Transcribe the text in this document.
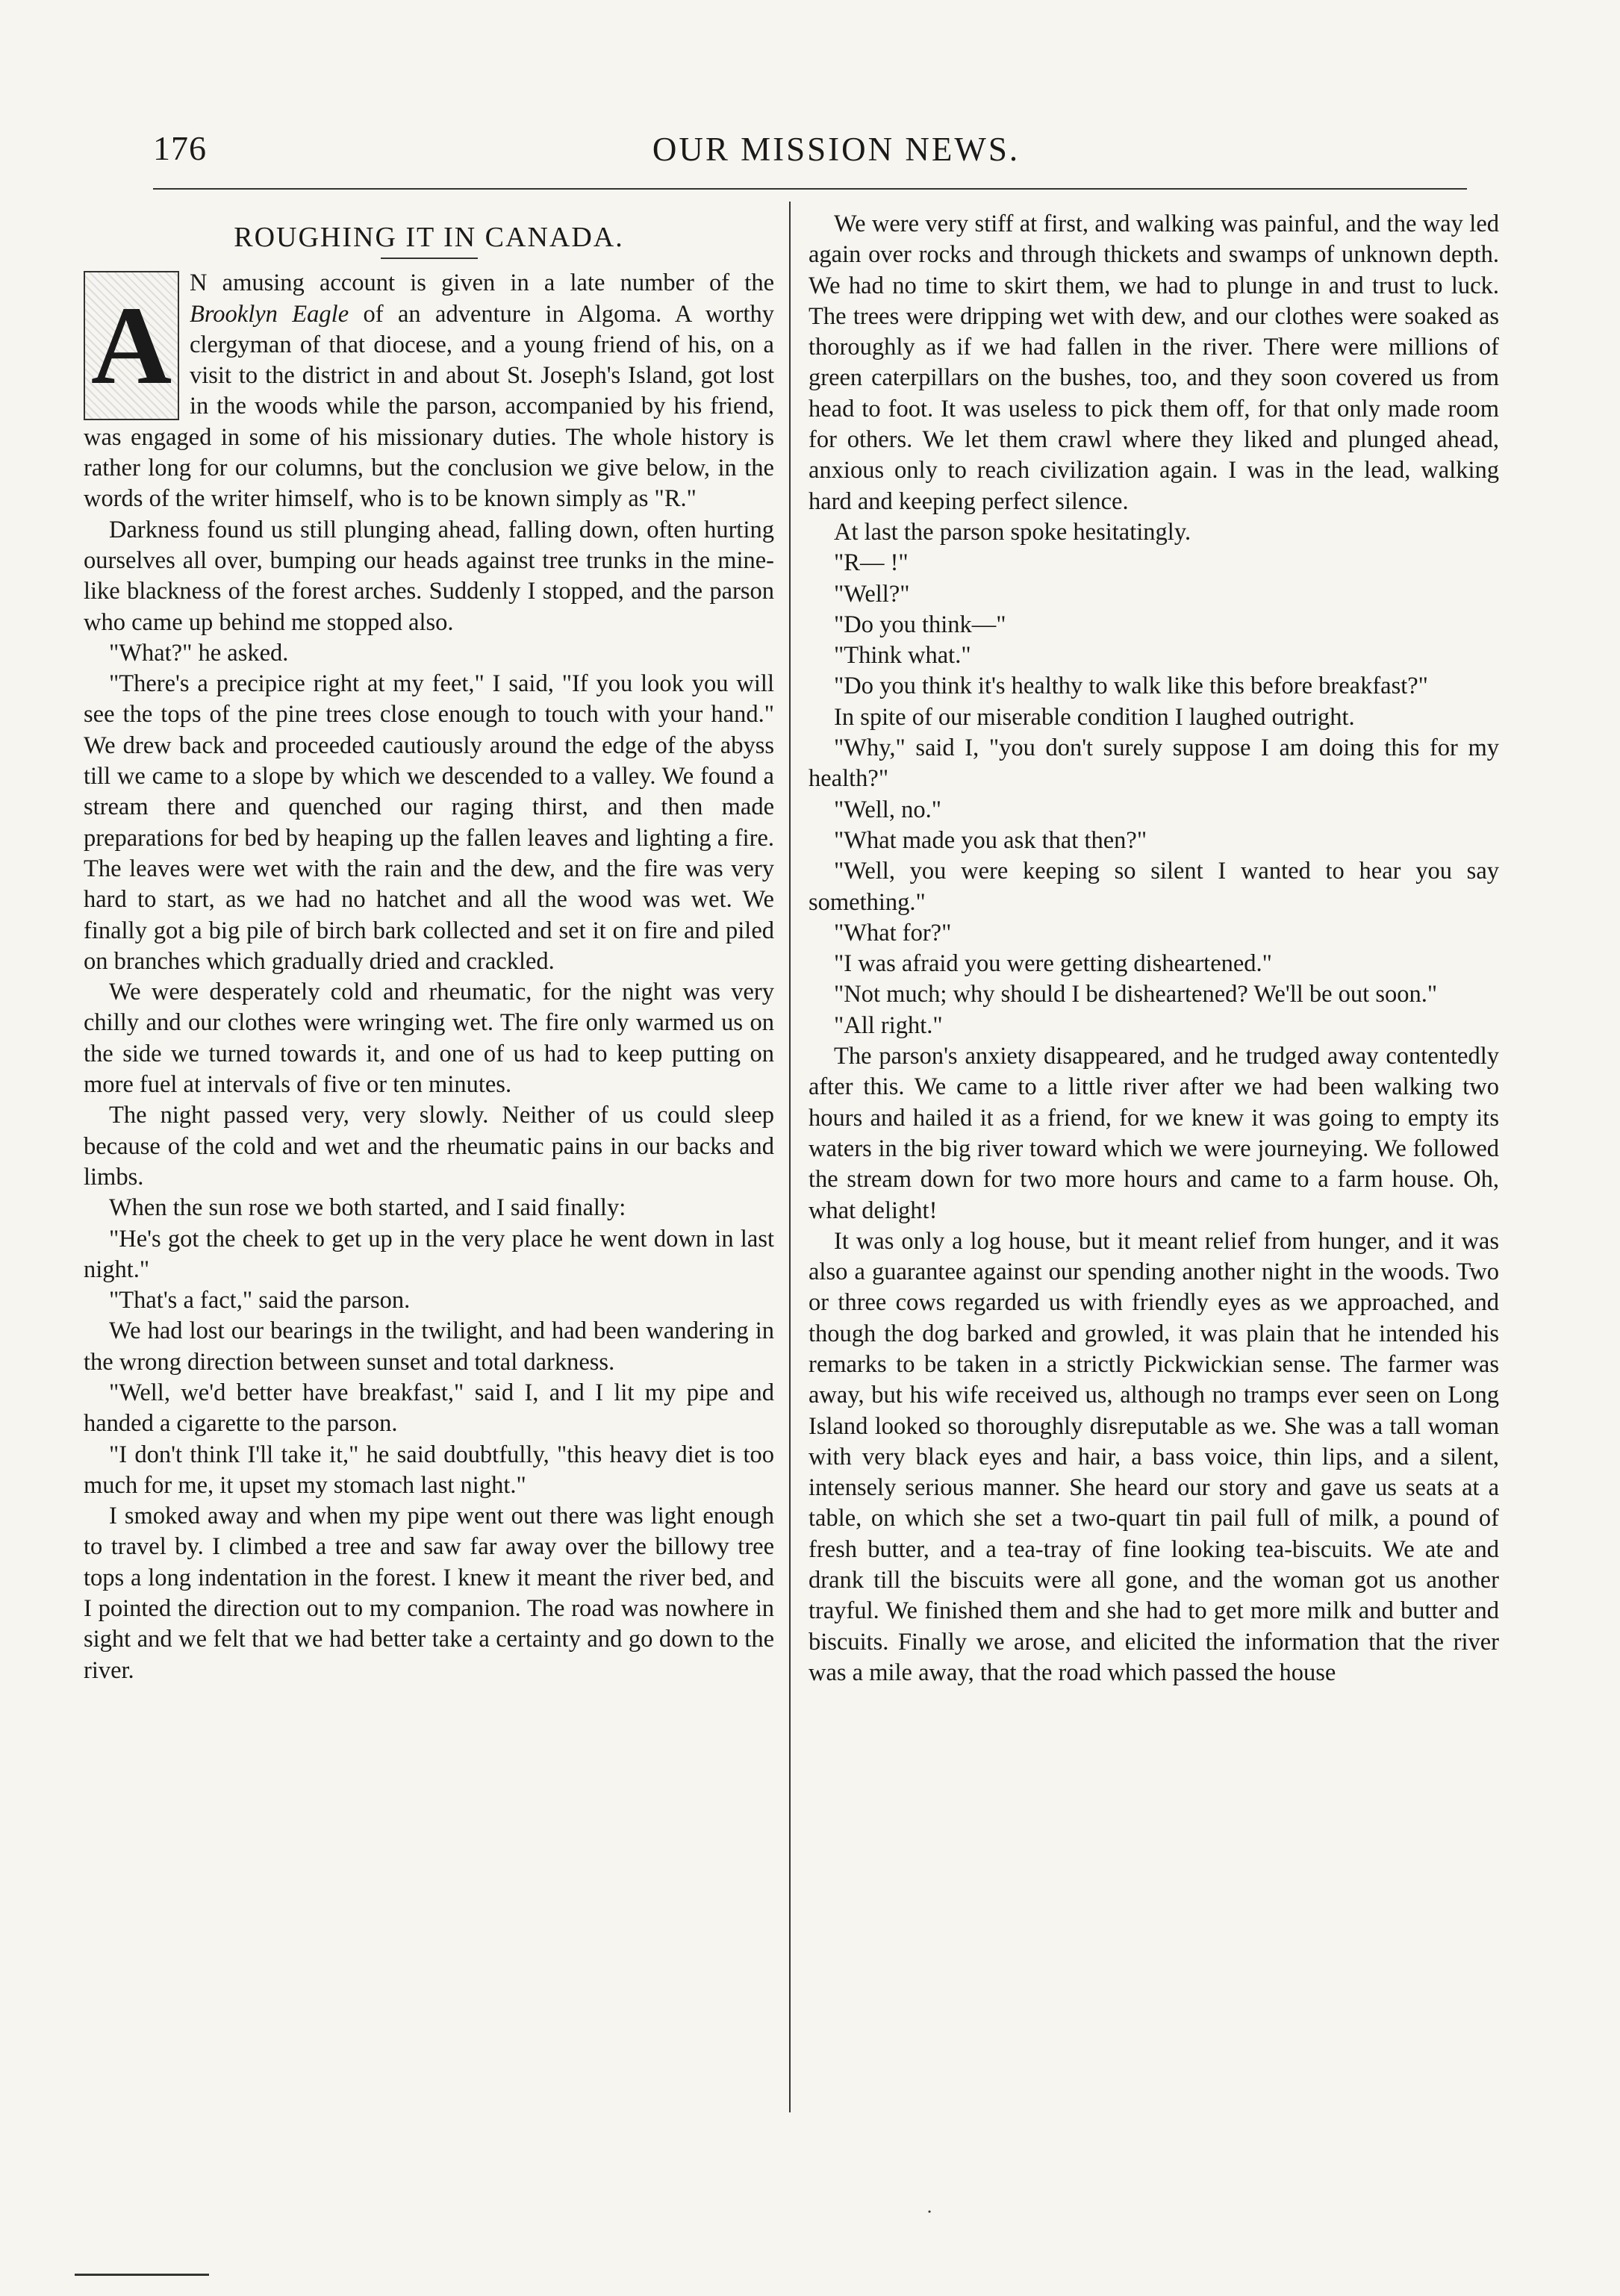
176	OUR MISSION NEWS.
ROUGHING IT IN CANADA.

A
N amusing account is given in a late number of the Brooklyn Eagle of an adventure in Algoma. A worthy clergyman of that diocese, and a young friend of his, on a visit to the district in and about St. Joseph's Island, got lost in the woods while the parson, accompanied by his friend, was engaged in some of his missionary duties. The whole history is rather long for our columns, but the conclusion we give below, in the words of the writer himself, who is to be known simply as "R."

Darkness found us still plunging ahead, falling down, often hurting ourselves all over, bumping our heads against tree trunks in the mine-like blackness of the forest arches. Suddenly I stopped, and the parson who came up behind me stopped also.

"What?" he asked.

"There's a precipice right at my feet," I said, "If you look you will see the tops of the pine trees close enough to touch with your hand." We drew back and proceeded cautiously around the edge of the abyss till we came to a slope by which we descended to a valley. We found a stream there and quenched our raging thirst, and then made preparations for bed by heaping up the fallen leaves and lighting a fire. The leaves were wet with the rain and the dew, and the fire was very hard to start, as we had no hatchet and all the wood was wet. We finally got a big pile of birch bark collected and set it on fire and piled on branches which gradually dried and crackled.

We were desperately cold and rheumatic, for the night was very chilly and our clothes were wringing wet. The fire only warmed us on the side we turned towards it, and one of us had to keep putting on more fuel at intervals of five or ten minutes.

The night passed very, very slowly. Neither of us could sleep because of the cold and wet and the rheumatic pains in our backs and limbs.

When the sun rose we both started, and I said finally:

"He's got the cheek to get up in the very place he went down in last night."

"That's a fact," said the parson.

We had lost our bearings in the twilight, and had been wandering in the wrong direction between sunset and total darkness.

"Well, we'd better have breakfast," said I, and I lit my pipe and handed a cigarette to the parson.

"I don't think I'll take it," he said doubtfully, "this heavy diet is too much for me, it upset my stomach last night."

I smoked away and when my pipe went out there was light enough to travel by. I climbed a tree and saw far away over the billowy tree tops a long indentation in the forest. I knew it meant the river bed, and I pointed the direction out to my companion. The road was nowhere in sight and we felt that we had better take a certainty and go down to the river.

We were very stiff at first, and walking was painful, and the way led again over rocks and through thickets and swamps of unknown depth. We had no time to skirt them, we had to plunge in and trust to luck. The trees were dripping wet with dew, and our clothes were soaked as thoroughly as if we had fallen in the river. There were millions of green caterpillars on the bushes, too, and they soon covered us from head to foot. It was useless to pick them off, for that only made room for others. We let them crawl where they liked and plunged ahead, anxious only to reach civilization again. I was in the lead, walking hard and keeping perfect silence.

At last the parson spoke hesitatingly.

"R— !"

"Well?"

"Do you think—"

"Think what."

"Do you think it's healthy to walk like this before breakfast?"

In spite of our miserable condition I laughed outright.

"Why," said I, "you don't surely suppose I am doing this for my health?"

"Well, no."

"What made you ask that then?"

"Well, you were keeping so silent I wanted to hear you say something."

"What for?"

"I was afraid you were getting disheartened."

"Not much; why should I be disheartened? We'll be out soon."

"All right."

The parson's anxiety disappeared, and he trudged away contentedly after this. We came to a little river after we had been walking two hours and hailed it as a friend, for we knew it was going to empty its waters in the big river toward which we were journeying. We followed the stream down for two more hours and came to a farm house. Oh, what delight!

It was only a log house, but it meant relief from hunger, and it was also a guarantee against our spending another night in the woods. Two or three cows regarded us with friendly eyes as we approached, and though the dog barked and growled, it was plain that he intended his remarks to be taken in a strictly Pickwickian sense. The farmer was away, but his wife received us, although no tramps ever seen on Long Island looked so thoroughly disreputable as we. She was a tall woman with very black eyes and hair, a bass voice, thin lips, and a silent, intensely serious manner. She heard our story and gave us seats at a table, on which she set a two-quart tin pail full of milk, a pound of fresh butter, and a tea-tray of fine looking tea-biscuits. We ate and drank till the biscuits were all gone, and the woman got us another trayful. We finished them and she had to get more milk and butter and biscuits. Finally we arose, and elicited the information that the river was a mile away, that the road which passed the house

˙
